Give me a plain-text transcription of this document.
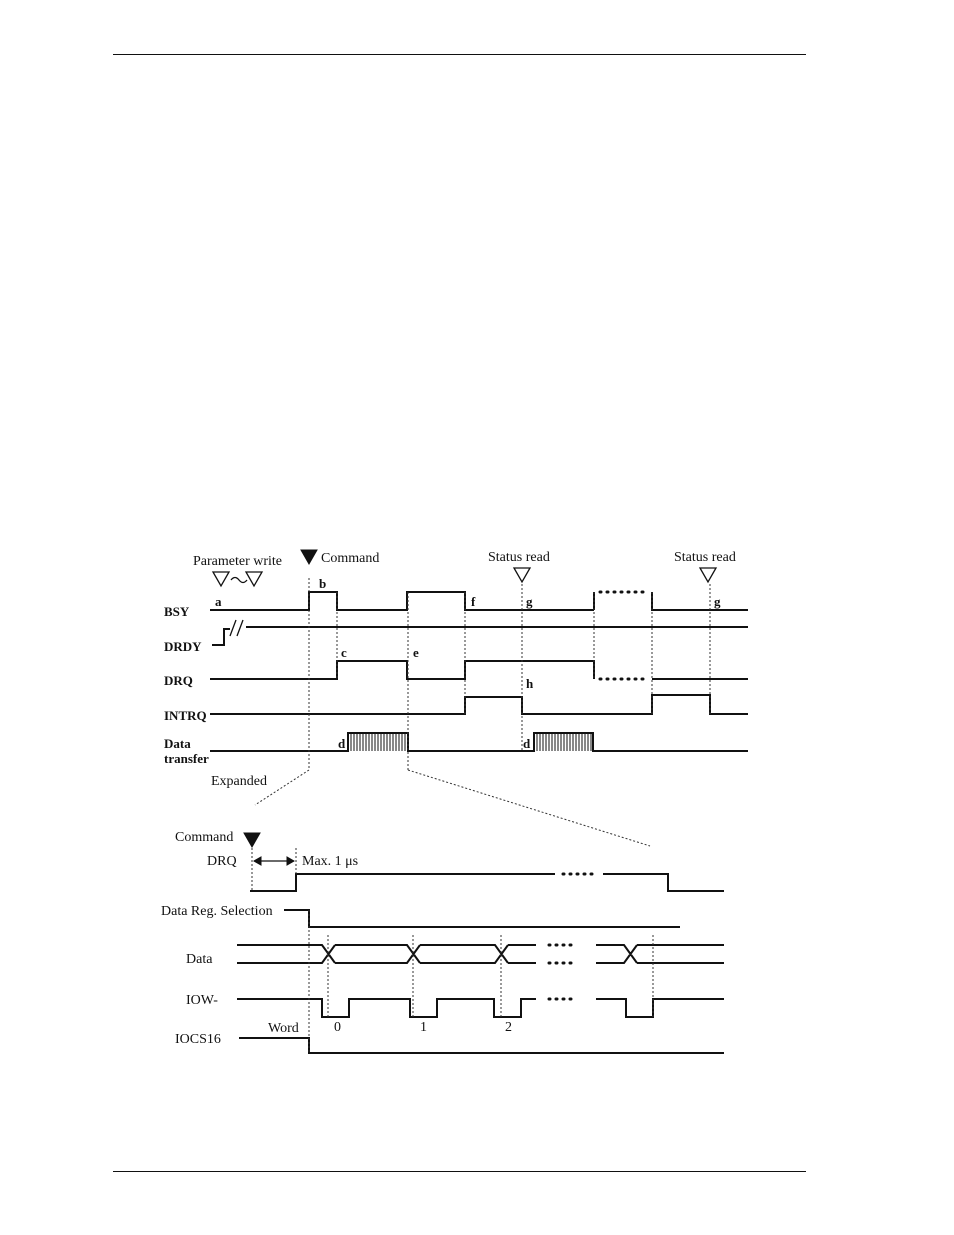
Parameter write	Command	Status read	Status read
BSY
DRDY
DRQ
INTRQ
Data
transfer
a
b
c	e
d
f	g
h
d
g
Expanded
Command
DRQ	Max. 1 μs
Data Reg. Selection
Data
IOW-
0	1	2
IOCS16
Word
